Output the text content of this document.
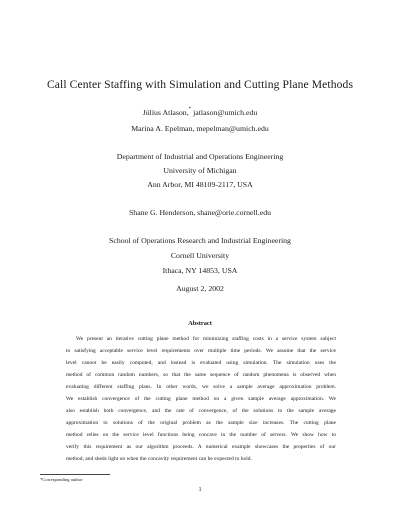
Call Center Staffing with Simulation and Cutting Plane Methods
Júlíus Atlason,* jatlason@umich.edu
Marina A. Epelman, mepelman@umich.edu
Department of Industrial and Operations Engineering
University of Michigan
Ann Arbor, MI 48109-2117, USA
Shane G. Henderson, shane@orie.cornell.edu
School of Operations Research and Industrial Engineering
Cornell University
Ithaca, NY 14853, USA
August 2, 2002
Abstract
We present an iterative cutting plane method for minimizing staffing costs in a service system subject
to satisfying acceptable service level requirements over multiple time periods. We assume that the service
level cannot be easily computed, and instead is evaluated using simulation. The simulation uses the
method of common random numbers, so that the same sequence of random phenomena is observed when
evaluating different staffing plans. In other words, we solve a sample average approximation problem.
We establish convergence of the cutting plane method on a given sample average approximation. We
also establish both convergence, and the rate of convergence, of the solutions to the sample average
approximation to solutions of the original problem as the sample size increases. The cutting plane
method relies on the service level functions being concave in the number of servers. We show how to
verify this requirement as our algorithm proceeds. A numerical example showcases the properties of our
method, and sheds light on when the concavity requirement can be expected to hold.
*Corresponding author
1
